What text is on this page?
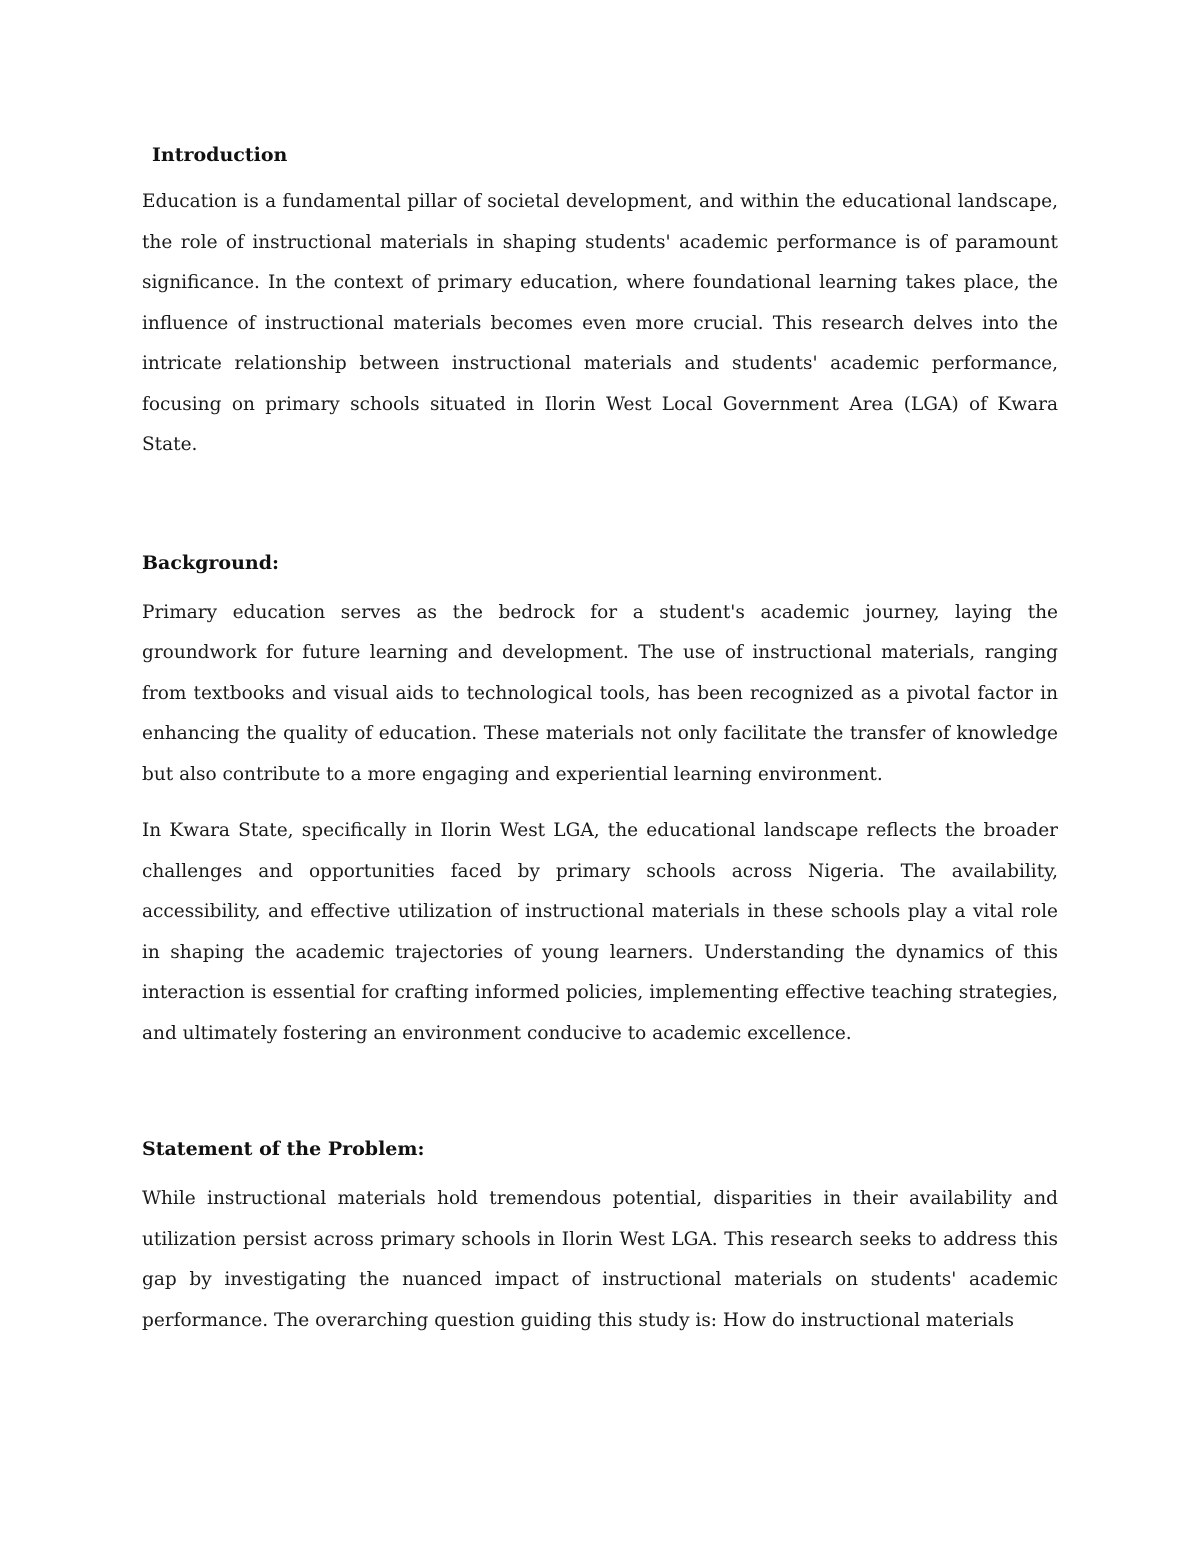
Introduction

Education is a fundamental pillar of societal development, and within the educational landscape, the role of instructional materials in shaping students' academic performance is of paramount significance. In the context of primary education, where foundational learning takes place, the influence of instructional materials becomes even more crucial. This research delves into the intricate relationship between instructional materials and students' academic performance, focusing on primary schools situated in Ilorin West Local Government Area (LGA) of Kwara State.

Background:

Primary education serves as the bedrock for a student's academic journey, laying the groundwork for future learning and development. The use of instructional materials, ranging from textbooks and visual aids to technological tools, has been recognized as a pivotal factor in enhancing the quality of education. These materials not only facilitate the transfer of knowledge but also contribute to a more engaging and experiential learning environment.

In Kwara State, specifically in Ilorin West LGA, the educational landscape reflects the broader challenges and opportunities faced by primary schools across Nigeria. The availability, accessibility, and effective utilization of instructional materials in these schools play a vital role in shaping the academic trajectories of young learners. Understanding the dynamics of this interaction is essential for crafting informed policies, implementing effective teaching strategies, and ultimately fostering an environment conducive to academic excellence.

Statement of the Problem:

While instructional materials hold tremendous potential, disparities in their availability and utilization persist across primary schools in Ilorin West LGA. This research seeks to address this gap by investigating the nuanced impact of instructional materials on students' academic performance. The overarching question guiding this study is: How do instructional materials
